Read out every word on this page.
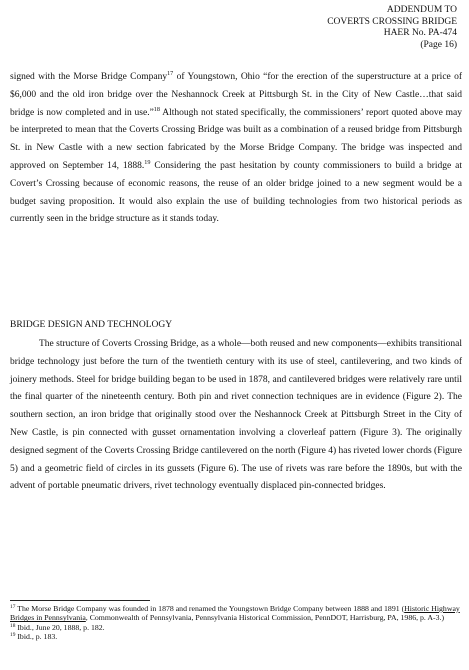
ADDENDUM TO
COVERTS CROSSING BRIDGE
HAER No. PA-474
(Page 16)
signed with the Morse Bridge Company$^{17}$ of Youngstown, Ohio “for the erection of the superstructure at a price of $6,000 and the old iron bridge over the Neshannock Creek at Pittsburgh St. in the City of New Castle…that said bridge is now completed and in use.”$^{18}$ Although not stated specifically, the commissioners’ report quoted above may be interpreted to mean that the Coverts Crossing Bridge was built as a combination of a reused bridge from Pittsburgh St. in New Castle with a new section fabricated by the Morse Bridge Company. The bridge was inspected and approved on September 14, 1888.19 Considering the past hesitation by county commissioners to build a bridge at Covert’s Crossing because of economic reasons, the reuse of an older bridge joined to a new segment would be a budget saving proposition. It would also explain the use of building technologies from two historical periods as currently seen in the bridge structure as it stands today.
BRIDGE DESIGN AND TECHNOLOGY
The structure of Coverts Crossing Bridge, as a whole—both reused and new components—exhibits transitional bridge technology just before the turn of the twentieth century with its use of steel, cantilevering, and two kinds of joinery methods. Steel for bridge building began to be used in 1878, and cantilevered bridges were relatively rare until the final quarter of the nineteenth century. Both pin and rivet connection techniques are in evidence (Figure 2). The southern section, an iron bridge that originally stood over the Neshannock Creek at Pittsburgh Street in the City of New Castle, is pin connected with gusset ornamentation involving a cloverleaf pattern (Figure 3). The originally designed segment of the Coverts Crossing Bridge cantilevered on the north (Figure 4) has riveted lower chords (Figure 5) and a geometric field of circles in its gussets (Figure 6). The use of rivets was rare before the 1890s, but with the advent of portable pneumatic drivers, rivet technology eventually displaced pin-connected bridges.
$^{17}$ The Morse Bridge Company was founded in 1878 and renamed the Youngstown Bridge Company between 1888 and 1891 (Historic Highway Bridges in Pennsylvania, Commonwealth of Pennsylvania, Pennsylvania Historical Commission, PennDOT, Harrisburg, PA, 1986, p. A-3.)
$^{18}$ Ibid., June 20, 1888, p. 182.
$^{19}$ Ibid., p. 183.
